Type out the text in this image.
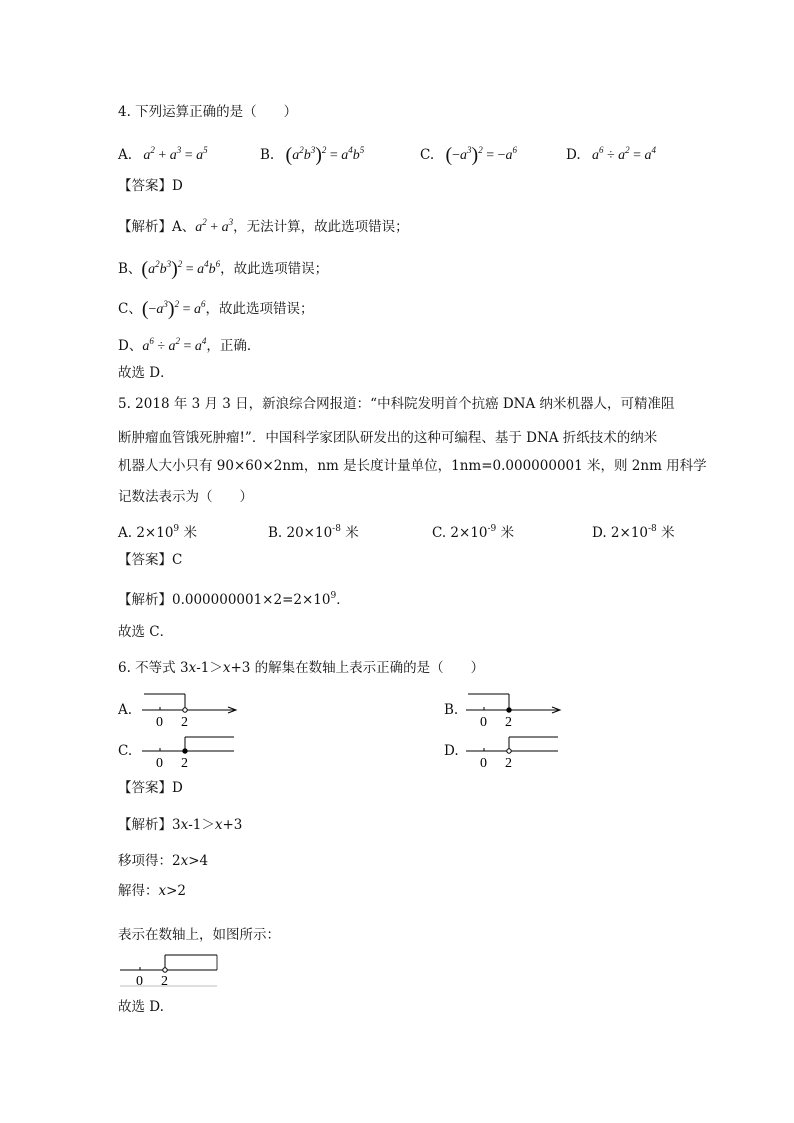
4. 下列运算正确的是（　　）
A.   $a^2 + a^3 = a^5$	B. $(a^2b^3)^2 = a^4b^5$	C. $(-a^3)^2 = -a^6$	D.   $a^6 \div a^2 = a^4$
【答案】D
【解析】A、$a^2 + a^3$，无法计算，故此选项错误；
B、$(a^2b^3)^2 = a^4b^6$，故此选项错误；
C、$(-a^3)^2 = a^6$，故此选项错误；
D、$a^6 \div a^2 = a^4$，正确．
故选 D．
5. 2018 年 3 月 3 日，新浪综合网报道：“中科院发明首个抗癌 DNA 纳米机器人，可精准阻
断肿瘤血管饿死肿瘤!”．中国科学家团队研发出的这种可编程、基于 DNA 折纸技术的纳米
机器人大小只有 90×60×2nm，nm 是长度计量单位，1nm=0.000000001 米，则 2nm 用科学
记数法表示为（　　）
A. $2\times 10^9$ 米	B. $20\times 10^{-8}$ 米	C. $2\times 10^{-9}$ 米	D. $2\times 10^{-8}$ 米
【答案】C
【解析】$0.000000001\times 2=2\times 10^9$．
故选 C．
6. 不等式 3x-1＞x+3 的解集在数轴上表示正确的是（　　）
A.
0 2
B.
0 2
C.
0 2
D.
0 2
【答案】D
【解析】3x-1＞x+3
移项得：2x>4
解得：x>2
表示在数轴上，如图所示：
0 2
故选 D.
